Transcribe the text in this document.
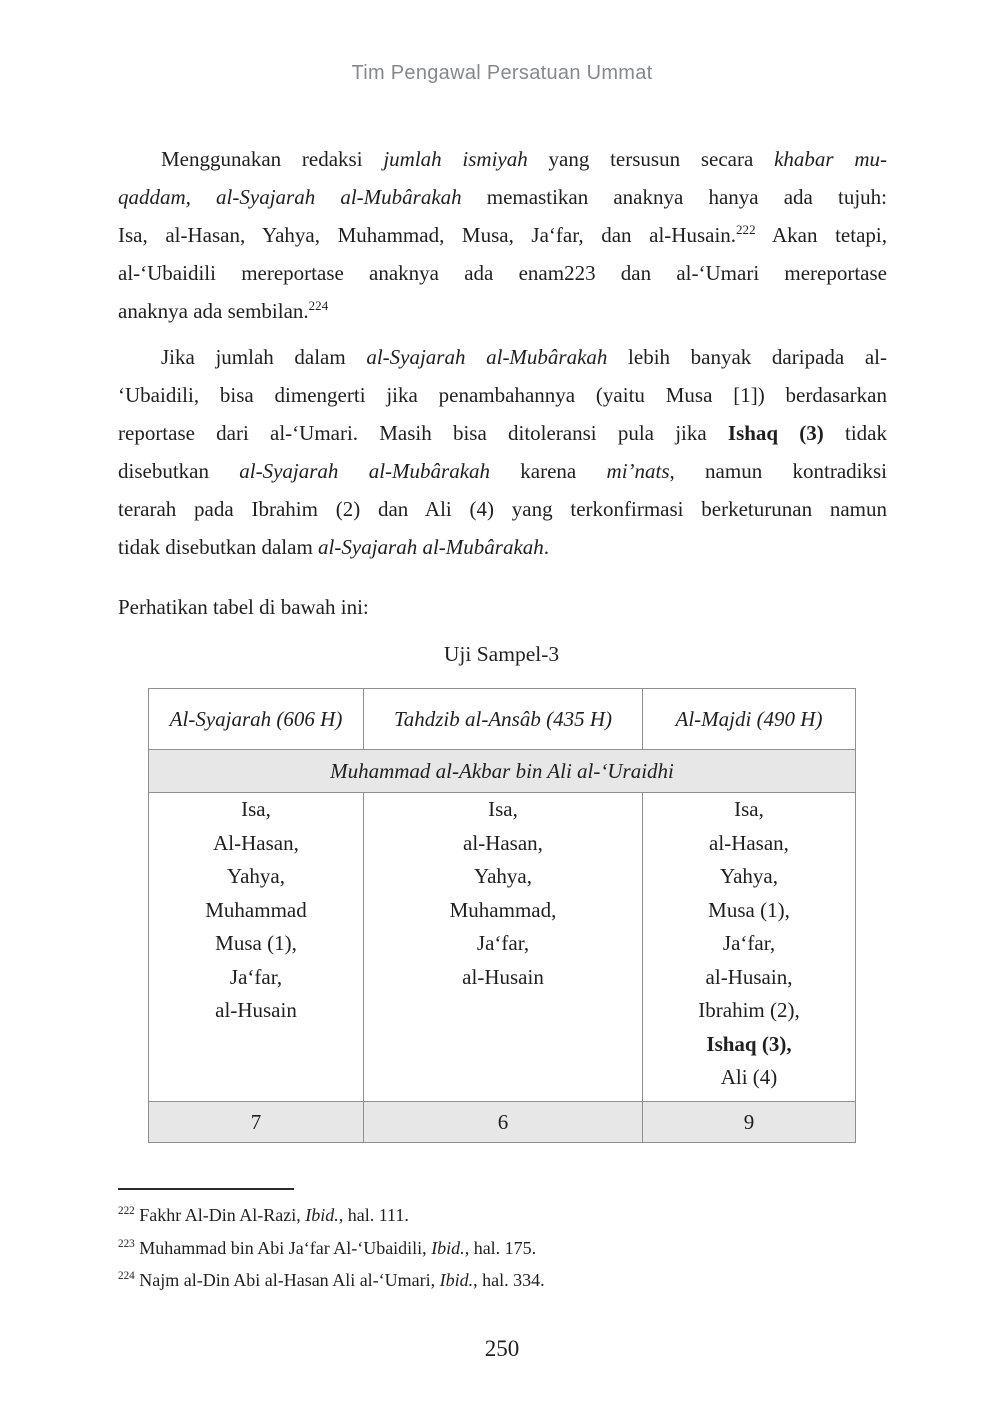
Tim Pengawal Persatuan Ummat
Menggunakan redaksi jumlah ismiyah yang tersusun secara khabar mu-
qaddam, al-Syajarah al-Mubârakah memastikan anaknya hanya ada tujuh:
Isa, al-Hasan, Yahya, Muhammad, Musa, Ja‘far, dan al-Husain.$^{222}$ Akan tetapi,
al-‘Ubaidili mereportase anaknya ada enam223 dan al-‘Umari mereportase
anaknya ada sembilan.$^{224}$
Jika jumlah dalam al-Syajarah al-Mubârakah lebih banyak daripada al-
‘Ubaidili, bisa dimengerti jika penambahannya (yaitu Musa [1]) berdasarkan
reportase dari al-‘Umari. Masih bisa ditoleransi pula jika Ishaq (3) tidak
disebutkan al-Syajarah al-Mubârakah karena mi’nats, namun kontradiksi
terarah pada Ibrahim (2) dan Ali (4) yang terkonfirmasi berketurunan namun
tidak disebutkan dalam al-Syajarah al-Mubârakah.
Perhatikan tabel di bawah ini:
Uji Sampel-3
Al-Syajarah (606 H)	Tahdzib al-Ansâb (435 H)	Al-Majdi (490 H)
Muhammad al-Akbar bin Ali al-‘Uraidhi		

Isa,
Al-Hasan,
Yahya,
Muhammad
Musa (1),
Ja‘far,
al-Husain

Isa,
al-Hasan,
Yahya,
Muhammad,
Ja‘far,
al-Husain

Isa,
al-Hasan,
Yahya,
Musa (1),
Ja‘far,
al-Husain,
Ibrahim (2),
Ishaq (3),
Ali (4)

7	6	9
$^{222}$ Fakhr Al-Din Al-Razi, Ibid., hal. 111.
$^{223}$ Muhammad bin Abi Ja‘far Al-‘Ubaidili, Ibid., hal. 175.
$^{224}$ Najm al-Din Abi al-Hasan Ali al-‘Umari, Ibid., hal. 334.
250
